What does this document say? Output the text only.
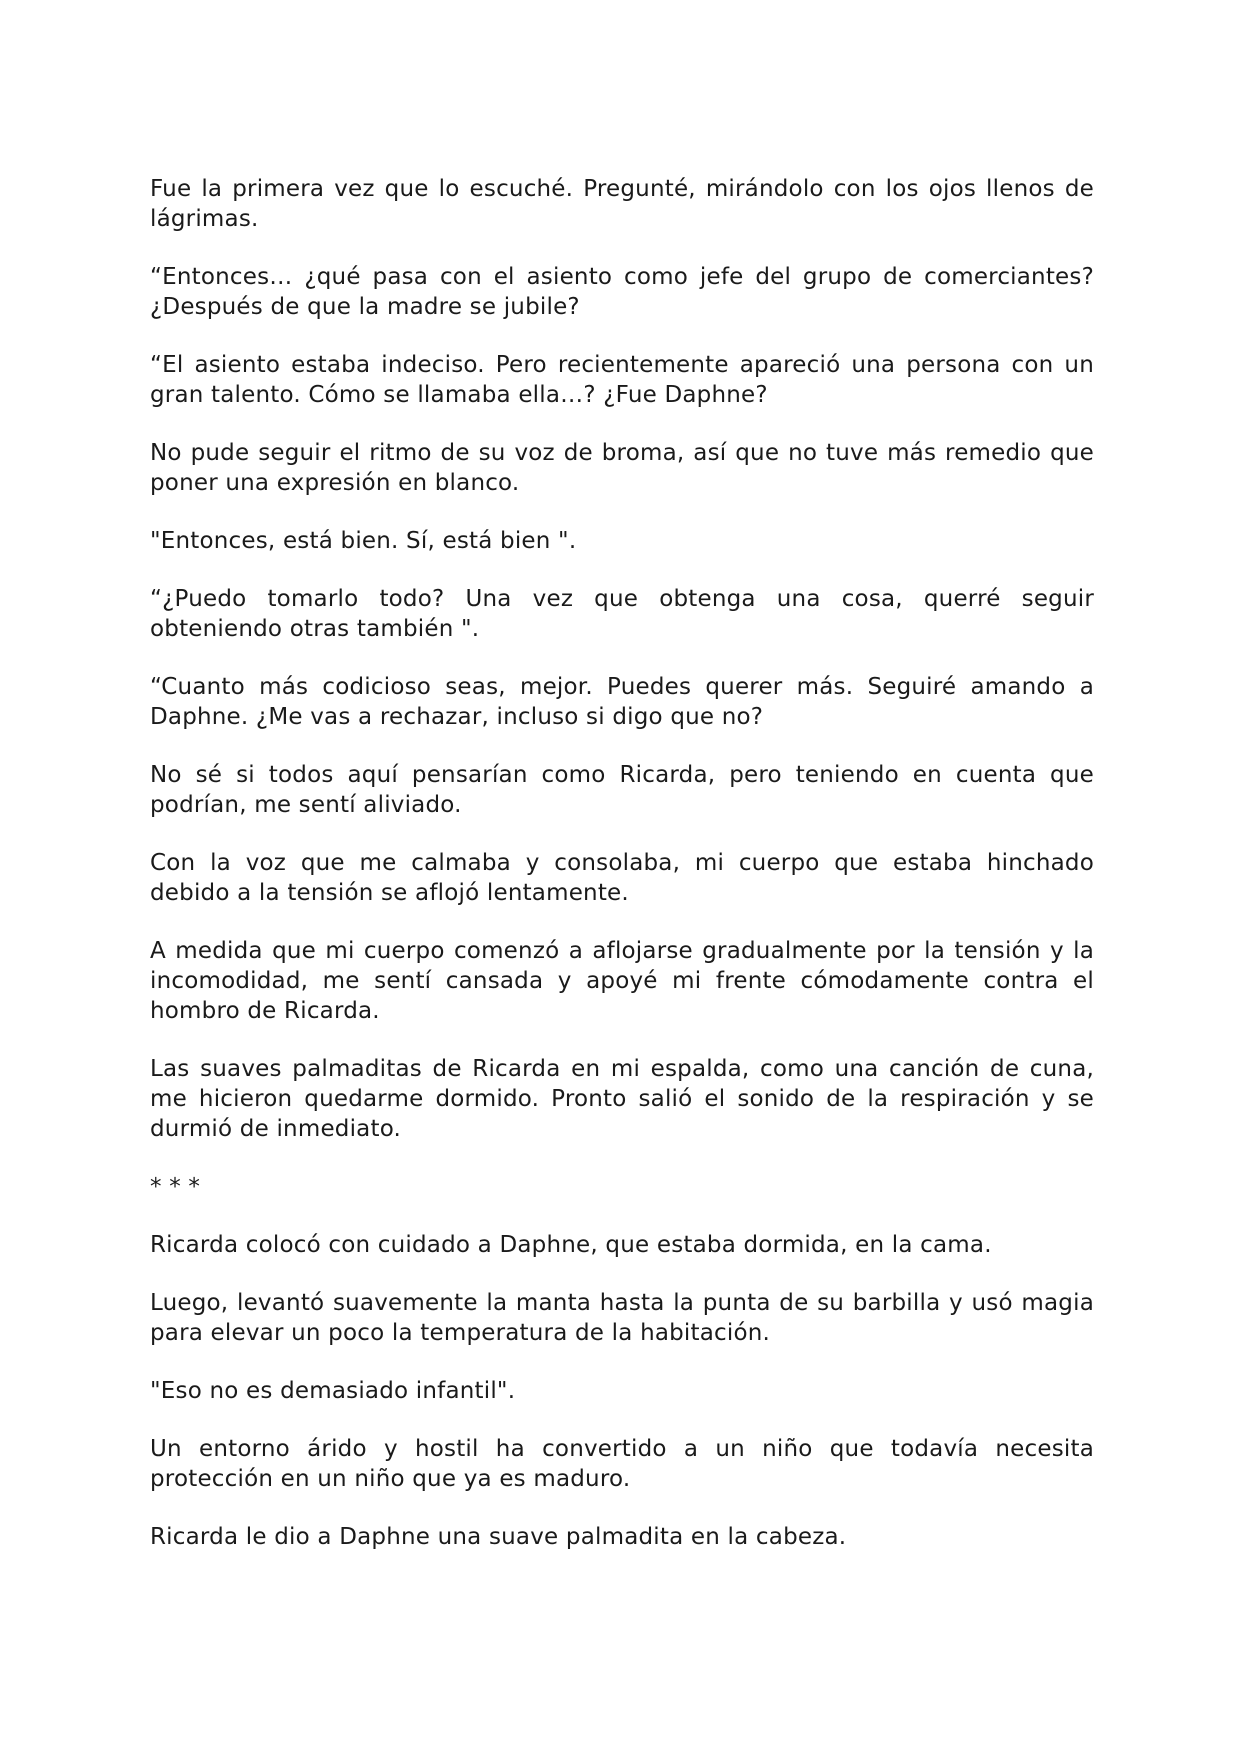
Fue la primera vez que lo escuché. Pregunté, mirándolo con los ojos llenos de lágrimas.

“Entonces… ¿qué pasa con el asiento como jefe del grupo de comerciantes? ¿Después de que la madre se jubile?

“El asiento estaba indeciso. Pero recientemente apareció una persona con un gran talento. Cómo se llamaba ella…? ¿Fue Daphne?

No pude seguir el ritmo de su voz de broma, así que no tuve más remedio que poner una expresión en blanco.

"Entonces, está bien. Sí, está bien ".

“¿Puedo tomarlo todo? Una vez que obtenga una cosa, querré seguir obteniendo otras también ".

“Cuanto más codicioso seas, mejor. Puedes querer más. Seguiré amando a Daphne. ¿Me vas a rechazar, incluso si digo que no?

No sé si todos aquí pensarían como Ricarda, pero teniendo en cuenta que podrían, me sentí aliviado.

Con la voz que me calmaba y consolaba, mi cuerpo que estaba hinchado debido a la tensión se aflojó lentamente.

A medida que mi cuerpo comenzó a aflojarse gradualmente por la tensión y la incomodidad, me sentí cansada y apoyé mi frente cómodamente contra el hombro de Ricarda.

Las suaves palmaditas de Ricarda en mi espalda, como una canción de cuna, me hicieron quedarme dormido. Pronto salió el sonido de la respiración y se durmió de inmediato.

* * *

Ricarda colocó con cuidado a Daphne, que estaba dormida, en la cama.

Luego, levantó suavemente la manta hasta la punta de su barbilla y usó magia para elevar un poco la temperatura de la habitación.

"Eso no es demasiado infantil".

Un entorno árido y hostil ha convertido a un niño que todavía necesita protección en un niño que ya es maduro.

Ricarda le dio a Daphne una suave palmadita en la cabeza.
